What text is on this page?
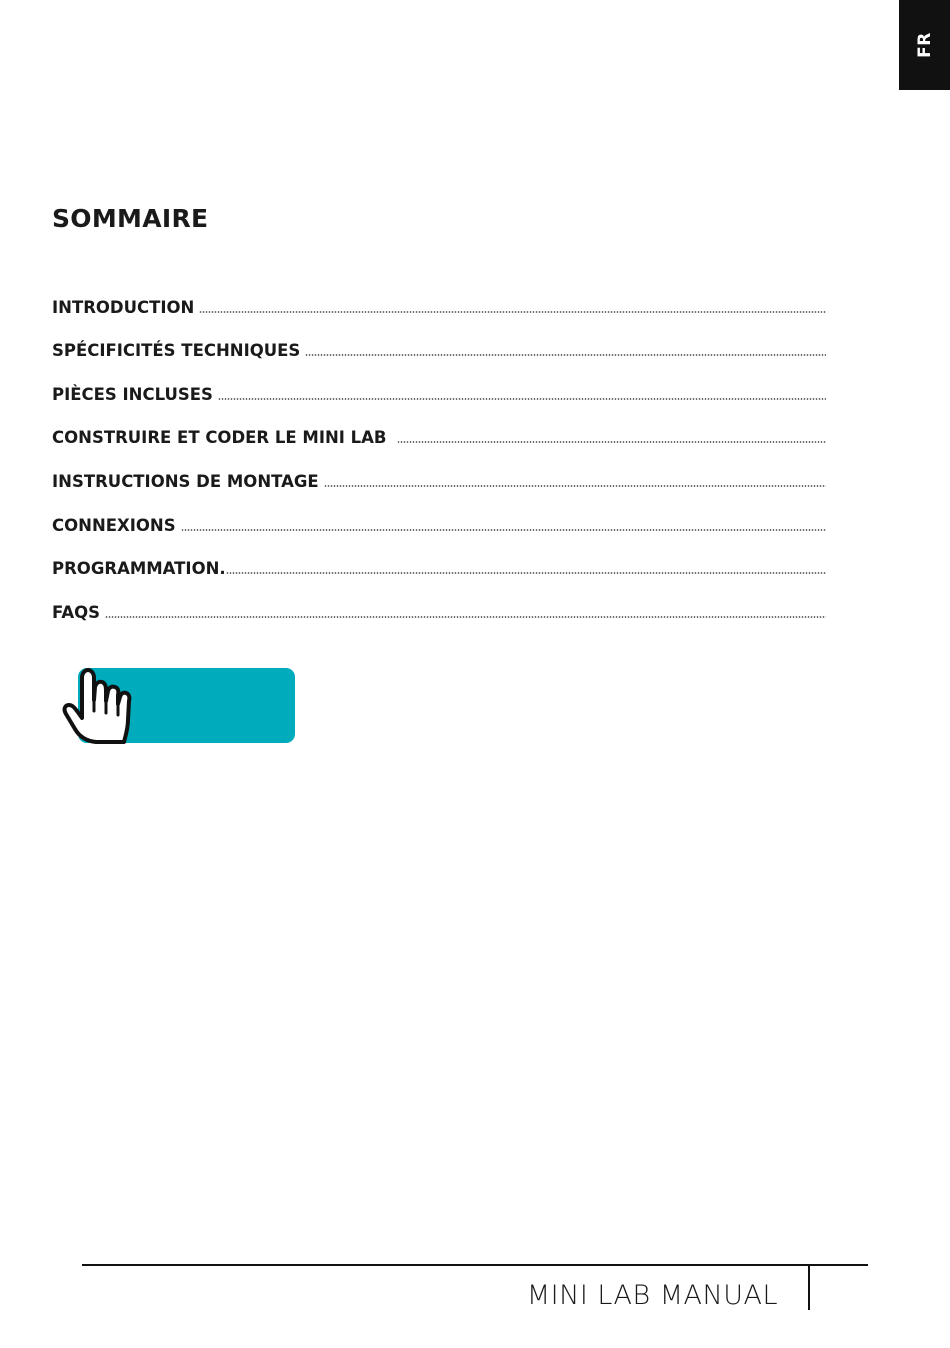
FR
SOMMAIRE
INTRODUCTION
SPÉCIFICITÉS TECHNIQUES
PIÈCES INCLUSES
CONSTRUIRE ET CODER LE MINI LAB
INSTRUCTIONS DE MONTAGE
CONNEXIONS
PROGRAMMATION.
FAQS
MINI LAB MANUAL
